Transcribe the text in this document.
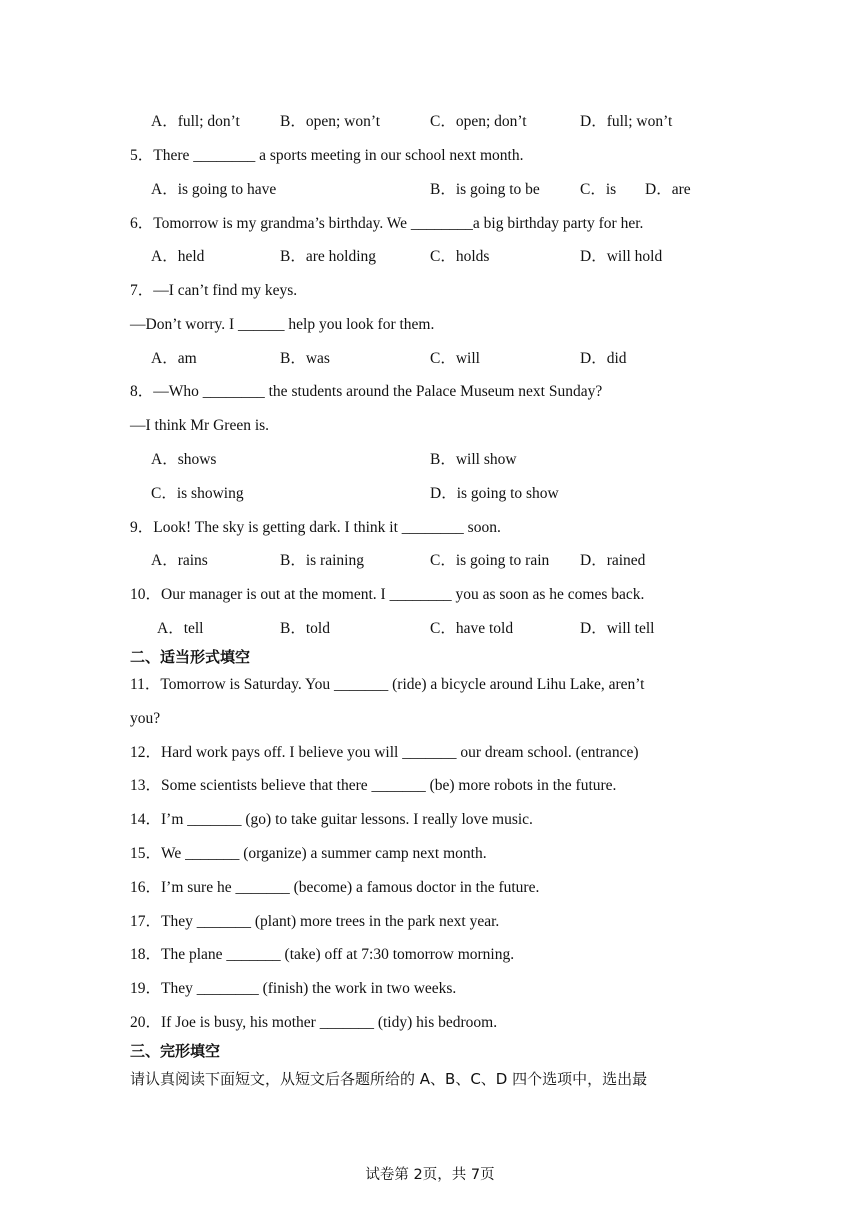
A．full; don’t	B．open; won’t	C．open; don’t	D．full; won’t
5．There ________ a sports meeting in our school next month.
A．is going to have	B．is going to be	C．is D．are
6．Tomorrow is my grandma’s birthday. We ________a big birthday party for her.
A．held	B．are holding	C．holds	D．will hold
7．—I can’t find my keys.
—Don’t worry. I ______ help you look for them.
A．am	B．was	C．will	D．did
8．—Who ________ the students around the Palace Museum next Sunday?
—I think Mr Green is.
A．shows	B．will show
C．is showing	D．is going to show
9．Look! The sky is getting dark. I think it ________ soon.
A．rains	B．is raining	C．is going to rain D．rained
10．Our manager is out at the moment. I ________ you as soon as he comes back.
A．tell	B．told	C．have told	D．will tell
二、适当形式填空
11．Tomorrow is Saturday. You _______ (ride) a bicycle around Lihu Lake, aren’t
you?
12．Hard work pays off. I believe you will _______ our dream school. (entrance)
13．Some scientists believe that there _______ (be) more robots in the future.
14．I’m _______ (go) to take guitar lessons. I really love music.
15．We _______ (organize) a summer camp next month.
16．I’m sure he _______ (become) a famous doctor in the future.
17．They _______ (plant) more trees in the park next year.
18．The plane _______ (take) off at 7:30 tomorrow morning.
19．They ________ (finish) the work in two weeks.
20．If Joe is busy, his mother _______ (tidy) his bedroom.
三、完形填空
请认真阅读下面短文，从短文后各题所给的 A、B、C、D 四个选项中，选出最
试卷第 2页，共 7页
